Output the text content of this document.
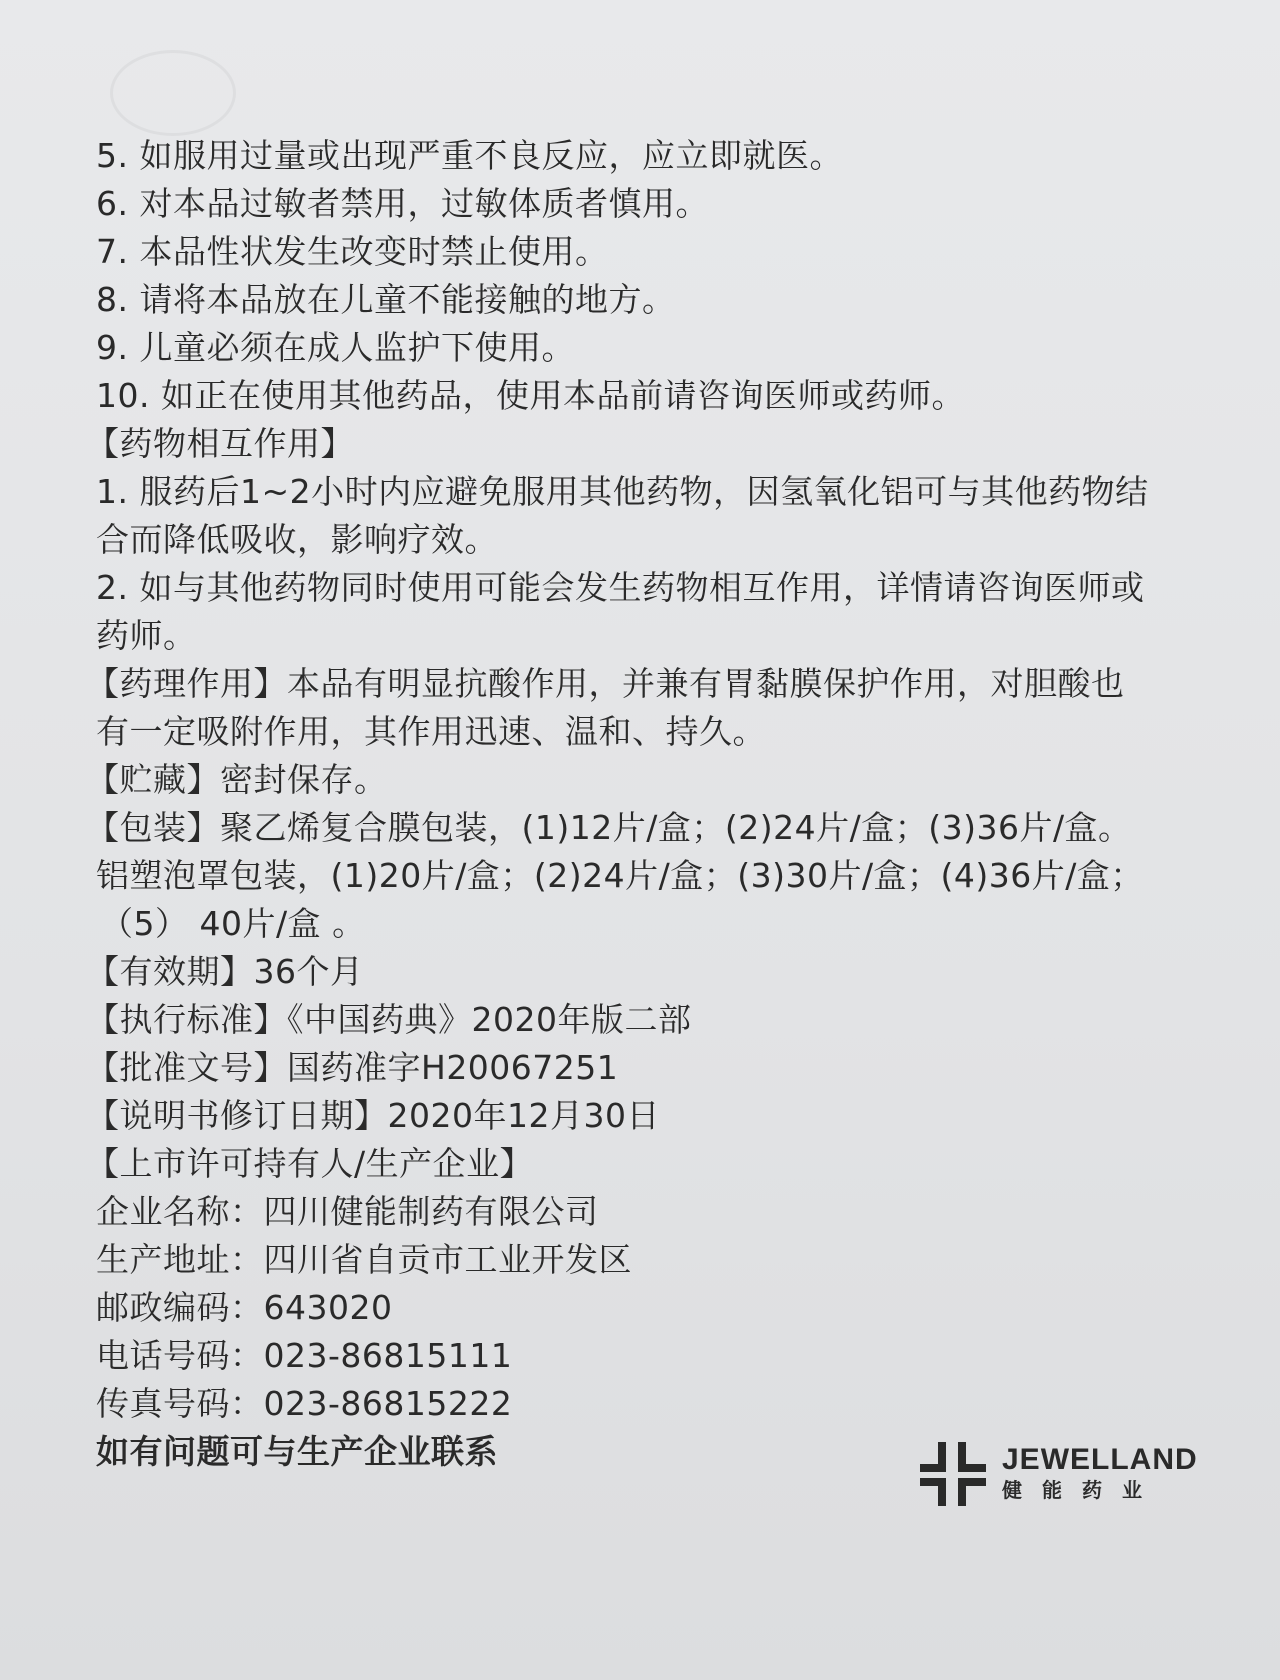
5. 如服用过量或出现严重不良反应，应立即就医。
6. 对本品过敏者禁用，过敏体质者慎用。
7. 本品性状发生改变时禁止使用。
8. 请将本品放在儿童不能接触的地方。
9. 儿童必须在成人监护下使用。
10. 如正在使用其他药品，使用本品前请咨询医师或药师。
【药物相互作用】
1. 服药后1~2小时内应避免服用其他药物，因氢氧化铝可与其他药物结
合而降低吸收，影响疗效。
2. 如与其他药物同时使用可能会发生药物相互作用，详情请咨询医师或
药师。
【药理作用】本品有明显抗酸作用，并兼有胃黏膜保护作用，对胆酸也
有一定吸附作用，其作用迅速、温和、持久。
【贮藏】密封保存。
【包装】聚乙烯复合膜包装，(1)12片/盒；(2)24片/盒；(3)36片/盒。
铝塑泡罩包装，(1)20片/盒；(2)24片/盒；(3)30片/盒；(4)36片/盒；
（5） 40片/盒 。
【有效期】36个月
【执行标准】《中国药典》2020年版二部
【批准文号】国药准字H20067251
【说明书修订日期】2020年12月30日
【上市许可持有人/生产企业】
企业名称：四川健能制药有限公司
生产地址：四川省自贡市工业开发区
邮政编码：643020
电话号码：023-86815111
传真号码：023-86815222
如有问题可与生产企业联系	JEWELLAND
健能药业
